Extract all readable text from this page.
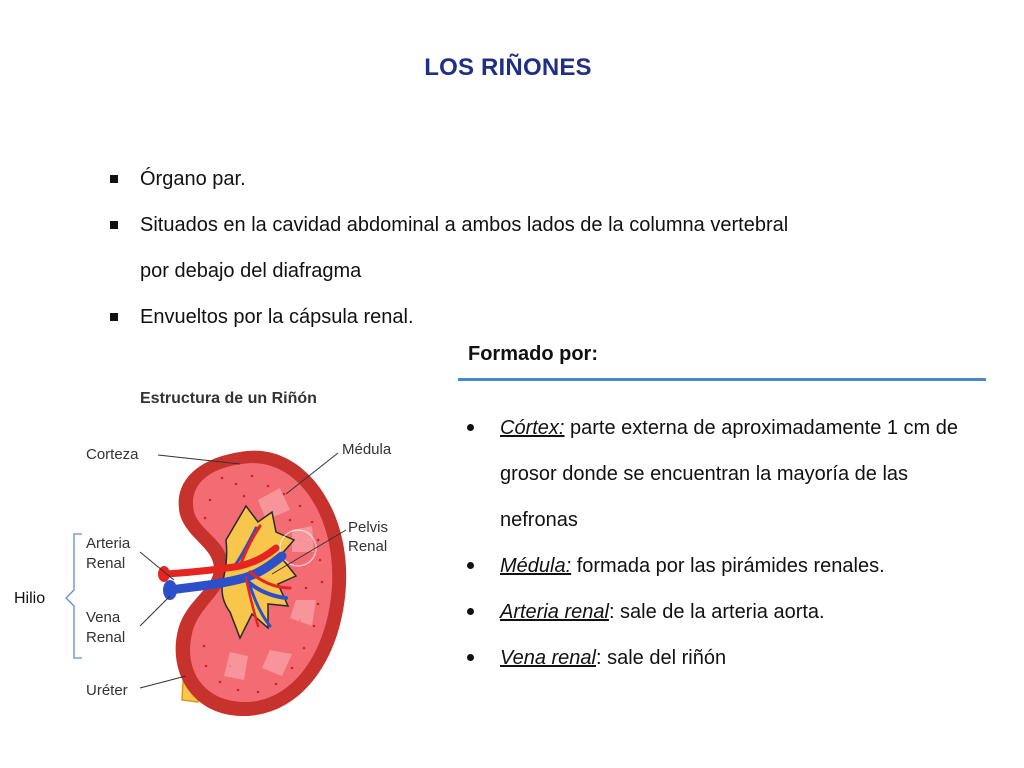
LOS RIÑONES
Órgano par.
Situados en la cavidad abdominal a ambos lados de la columna vertebral
por debajo del diafragma
Envueltos por la cápsula renal.
Formado por:
Córtex: parte externa de aproximadamente 1 cm de grosor donde se encuentran la mayoría de las nefronas
Médula: formada por las pirámides renales.
Arteria renal: sale de la arteria aorta.
Vena renal: sale del riñón
Estructura de un Riñón
Corteza	Médula
Pelvis
Renal
Arteria
Renal
Vena
Renal
Uréter
Hilio
